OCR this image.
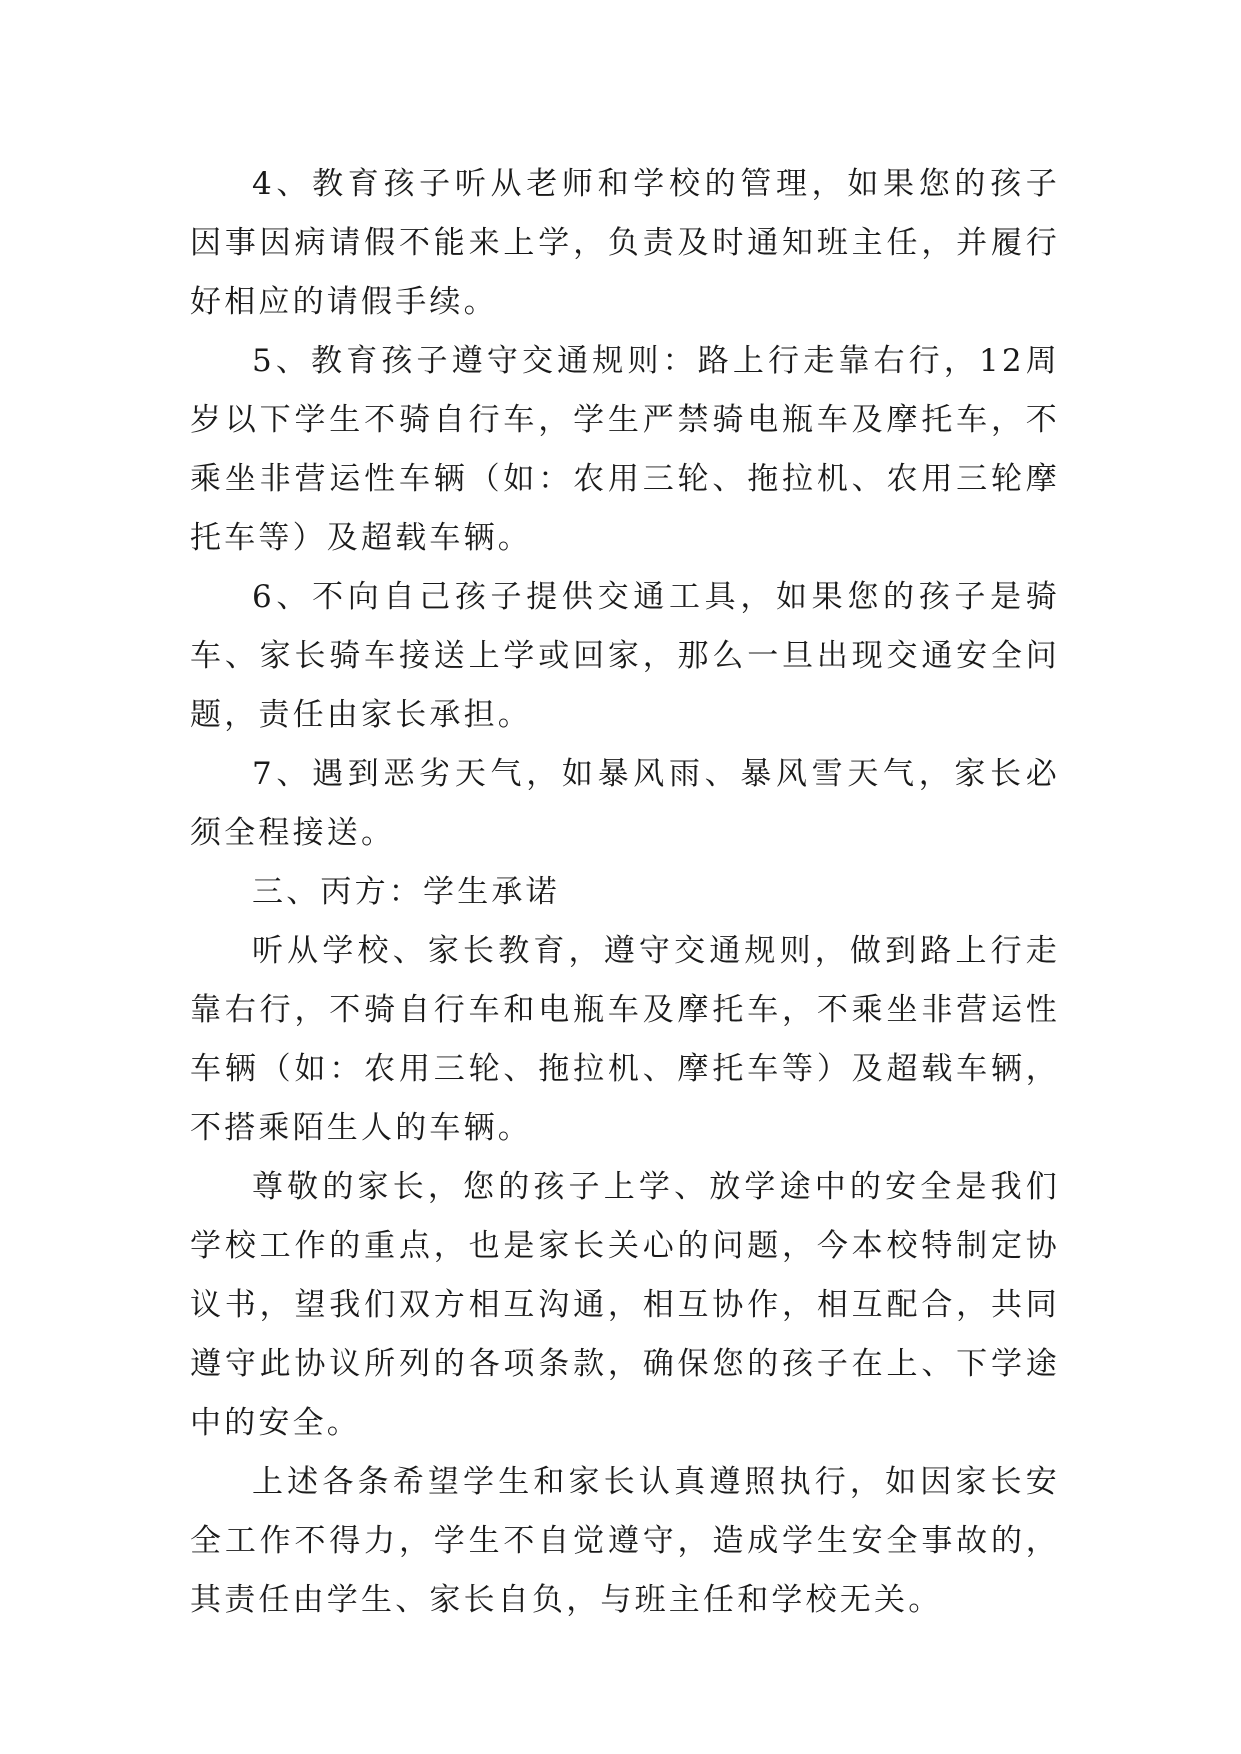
4、教育孩子听从老师和学校的管理，如果您的孩子因事因病请假不能来上学，负责及时通知班主任，并履行好相应的请假手续。

5、教育孩子遵守交通规则：路上行走靠右行，12周岁以下学生不骑自行车，学生严禁骑电瓶车及摩托车，不乘坐非营运性车辆（如：农用三轮、拖拉机、农用三轮摩托车等）及超载车辆。

6、不向自己孩子提供交通工具，如果您的孩子是骑车、家长骑车接送上学或回家，那么一旦出现交通安全问题，责任由家长承担。

7、遇到恶劣天气，如暴风雨、暴风雪天气，家长必须全程接送。

三、丙方：学生承诺

听从学校、家长教育，遵守交通规则，做到路上行走靠右行，不骑自行车和电瓶车及摩托车，不乘坐非营运性车辆（如：农用三轮、拖拉机、摩托车等）及超载车辆，不搭乘陌生人的车辆。

尊敬的家长，您的孩子上学、放学途中的安全是我们学校工作的重点，也是家长关心的问题，今本校特制定协议书，望我们双方相互沟通，相互协作，相互配合，共同遵守此协议所列的各项条款，确保您的孩子在上、下学途中的安全。

上述各条希望学生和家长认真遵照执行，如因家长安全工作不得力，学生不自觉遵守，造成学生安全事故的，其责任由学生、家长自负，与班主任和学校无关。
